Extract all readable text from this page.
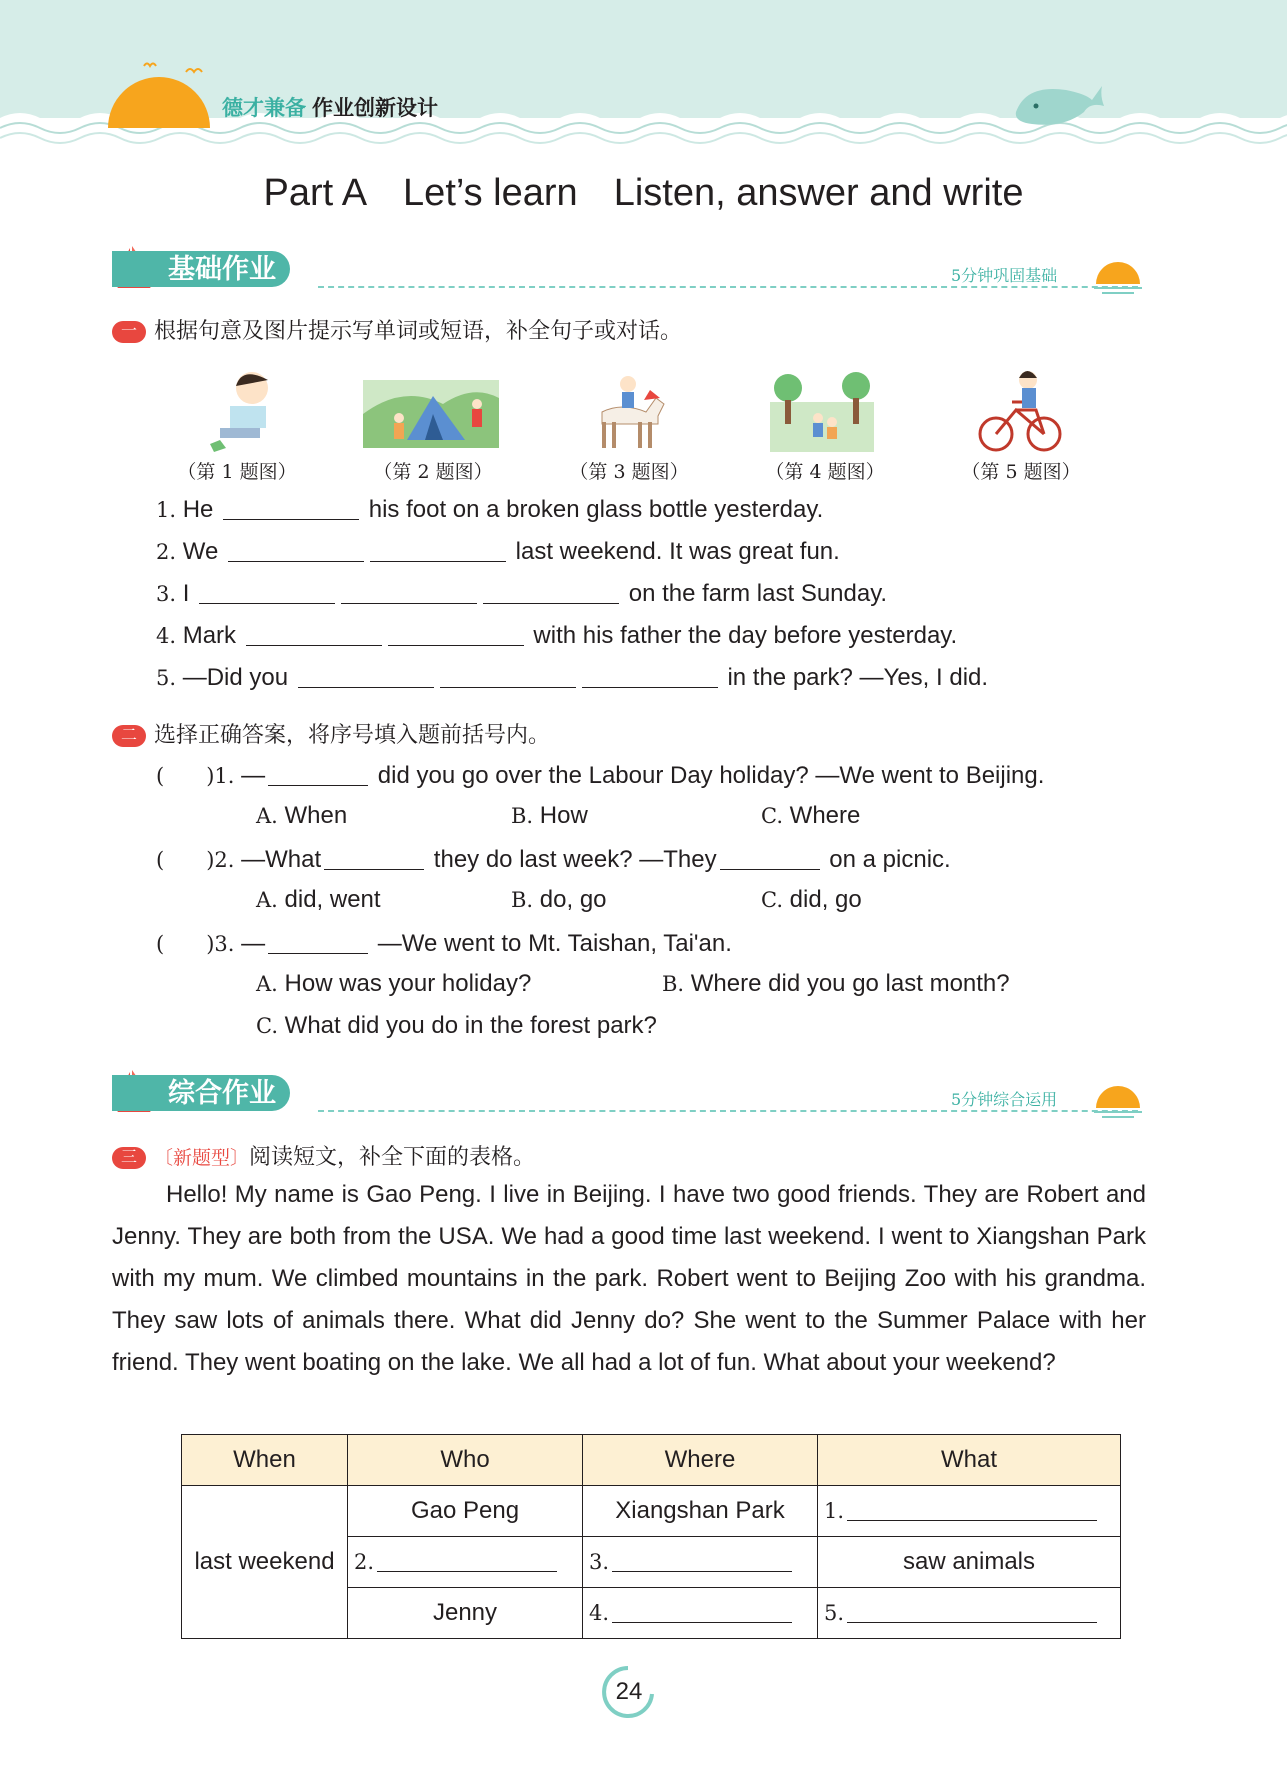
德才兼备 作业创新设计
Part A Let’s learn Listen, answer and write
基础作业	5分钟巩固基础
一 根据句意及图片提示写单词或短语，补全句子或对话。
（第 1 题图）	（第 2 题图）	（第 3 题图）	（第 4 题图）	（第 5 题图）
1. He	his foot on a broken glass bottle yesterday.
2. We	last weekend. It was great fun.
3. I	on the farm last Sunday.
4. Mark	with his father the day before yesterday.
5. —Did you	in the park? —Yes, I did.
二 选择正确答案，将序号填入题前括号内。
(　　)1. —	did you go over the Labour Day holiday? —We went to Beijing.
A. When	B. How	C. Where
(　　)2. —What	they do last week? —They	on a picnic.
A. did, went	B. do, go	C. did, go
(　　)3. —	—We went to Mt. Taishan, Tai'an.
A. How was your holiday?	B. Where did you go last month?
C. What did you do in the forest park?
综合作业	5分钟综合运用
三 〔新题型〕阅读短文，补全下面的表格。
Hello! My name is Gao Peng. I live in Beijing. I have two good friends. They are Robert and Jenny. They are both from the USA. We had a good time last weekend. I went to Xiangshan Park with my mum. We climbed mountains in the park. Robert went to Beijing Zoo with his grandma. They saw lots of animals there. What did Jenny do? She went to the Summer Palace with her friend. They went boating on the lake. We all had a lot of fun. What about your weekend?
When	Who	Where	What
last weekend	Gao Peng	Xiangshan Park	1.
	2.	3.	saw animals
	Jenny	4.	5.
24
